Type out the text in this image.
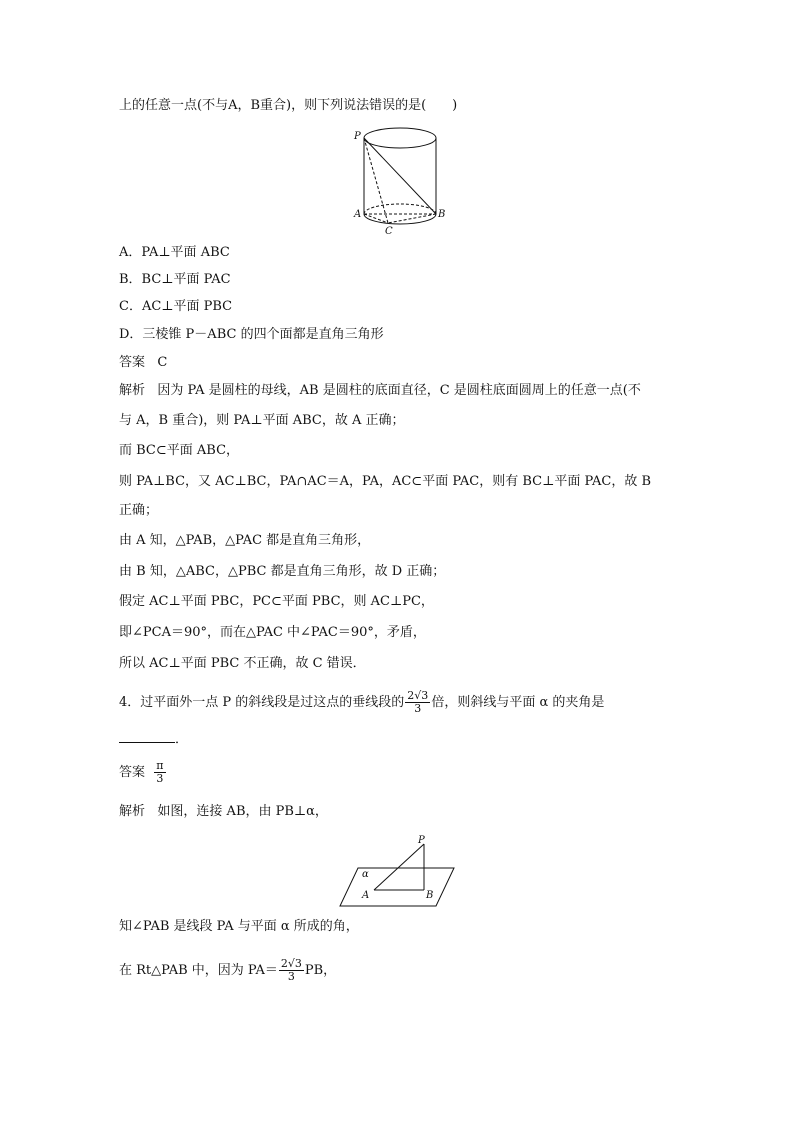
上的任意一点(不与A，B重合)，则下列说法错误的是(　　)
P
A	B
C
A．PA⊥平面 ABC
B．BC⊥平面 PAC
C．AC⊥平面 PBC
D．三棱锥 P－ABC 的四个面都是直角三角形
答案 C
解析 因为 PA 是圆柱的母线，AB 是圆柱的底面直径，C 是圆柱底面圆周上的任意一点(不
与 A，B 重合)，则 PA⊥平面 ABC，故 A 正确；
而 BC⊂平面 ABC，
则 PA⊥BC，又 AC⊥BC，PA∩AC＝A，PA，AC⊂平面 PAC，则有 BC⊥平面 PAC，故 B
正确；
由 A 知，△PAB，△PAC 都是直角三角形，
由 B 知，△ABC，△PBC 都是直角三角形，故 D 正确；
假定 AC⊥平面 PBC，PC⊂平面 PBC，则 AC⊥PC，
即∠PCA＝90°，而在△PAC 中∠PAC＝90°，矛盾，
所以 AC⊥平面 PBC 不正确，故 C 错误．
4．过平面外一点 P 的斜线段是过这点的垂线段的 $\frac{2√3}{3}$ 倍，则斜线与平面 α 的夹角是
．
答案 $\frac{\pi}{3}$
解析 如图，连接 AB，由 PB⊥α，
P
α
A	B
知∠PAB 是线段 PA 与平面 α 所成的角，
在 Rt△PAB 中，因为 $PA= \frac{2√3}{3}$ PB，
